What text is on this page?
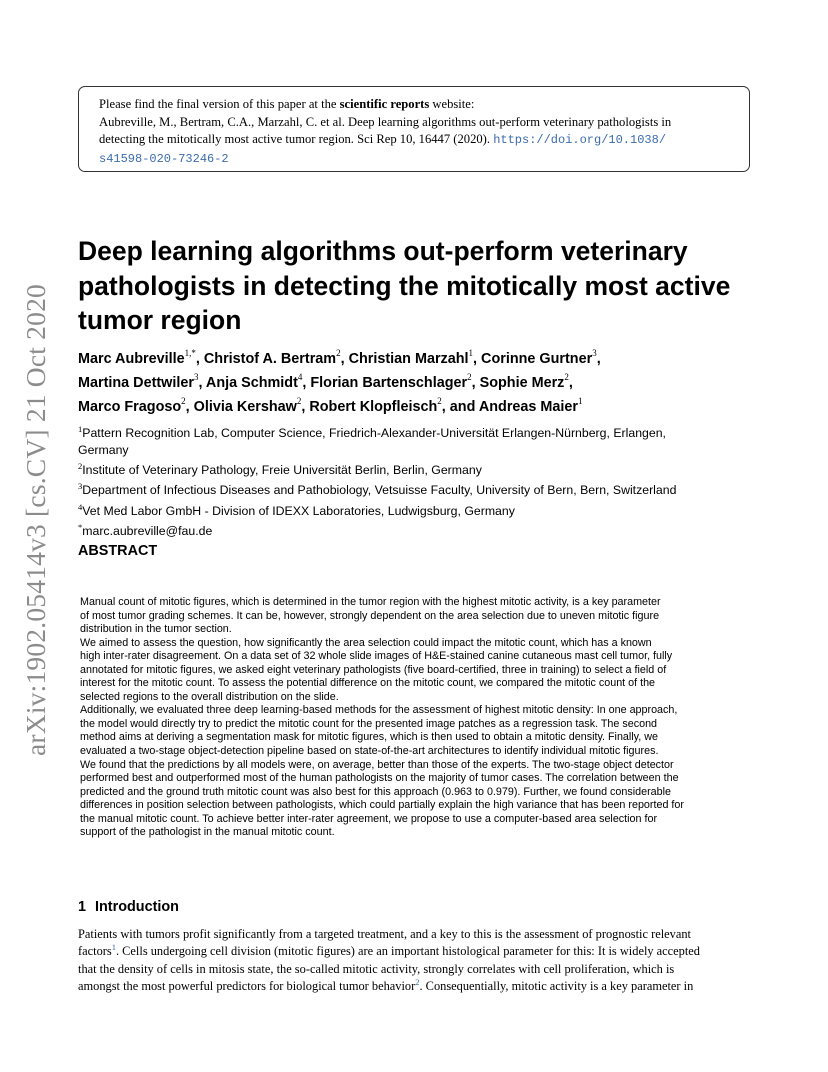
arXiv:1902.05414v3 [cs.CV] 21 Oct 2020
Please find the final version of this paper at the scientific reports website:
Aubreville, M., Bertram, C.A., Marzahl, C. et al. Deep learning algorithms out-perform veterinary pathologists in
detecting the mitotically most active tumor region. Sci Rep 10, 16447 (2020). https://doi.org/10.1038/
s41598-020-73246-2
Deep learning algorithms out-perform veterinary
pathologists in detecting the mitotically most active
tumor region
Marc Aubreville$^{1,*}$, Christof A. Bertram$^2$, Christian Marzahl$^1$, Corinne Gurtner$^3$,
Martina Dettwiler$^3$, Anja Schmidt$^4$, Florian Bartenschlager$^2$, Sophie Merz$^2$,
Marco Fragoso$^2$, Olivia Kershaw$^2$, Robert Klopfleisch$^2$, and Andreas Maier$^1$
$^1$Pattern Recognition Lab, Computer Science, Friedrich-Alexander-Universität Erlangen-Nürnberg, Erlangen,
Germany
$^2$Institute of Veterinary Pathology, Freie Universität Berlin, Berlin, Germany
$^3$Department of Infectious Diseases and Pathobiology, Vetsuisse Faculty, University of Bern, Bern, Switzerland
$^4$Vet Med Labor GmbH - Division of IDEXX Laboratories, Ludwigsburg, Germany
*marc.aubreville@fau.de
ABSTRACT
Manual count of mitotic figures, which is determined in the tumor region with the highest mitotic activity, is a key parameter
of most tumor grading schemes. It can be, however, strongly dependent on the area selection due to uneven mitotic figure
distribution in the tumor section.
We aimed to assess the question, how significantly the area selection could impact the mitotic count, which has a known
high inter-rater disagreement. On a data set of 32 whole slide images of H&E-stained canine cutaneous mast cell tumor, fully
annotated for mitotic figures, we asked eight veterinary pathologists (five board-certified, three in training) to select a field of
interest for the mitotic count. To assess the potential difference on the mitotic count, we compared the mitotic count of the
selected regions to the overall distribution on the slide.
Additionally, we evaluated three deep learning-based methods for the assessment of highest mitotic density: In one approach,
the model would directly try to predict the mitotic count for the presented image patches as a regression task. The second
method aims at deriving a segmentation mask for mitotic figures, which is then used to obtain a mitotic density. Finally, we
evaluated a two-stage object-detection pipeline based on state-of-the-art architectures to identify individual mitotic figures.
We found that the predictions by all models were, on average, better than those of the experts. The two-stage object detector
performed best and outperformed most of the human pathologists on the majority of tumor cases. The correlation between the
predicted and the ground truth mitotic count was also best for this approach (0.963 to 0.979). Further, we found considerable
differences in position selection between pathologists, which could partially explain the high variance that has been reported for
the manual mitotic count. To achieve better inter-rater agreement, we propose to use a computer-based area selection for
support of the pathologist in the manual mitotic count.
1 Introduction
Patients with tumors profit significantly from a targeted treatment, and a key to this is the assessment of prognostic relevant
factors$^1$. Cells undergoing cell division (mitotic figures) are an important histological parameter for this: It is widely accepted
that the density of cells in mitosis state, the so-called mitotic activity, strongly correlates with cell proliferation, which is
amongst the most powerful predictors for biological tumor behavior$^2$. Consequentially, mitotic activity is a key parameter in
